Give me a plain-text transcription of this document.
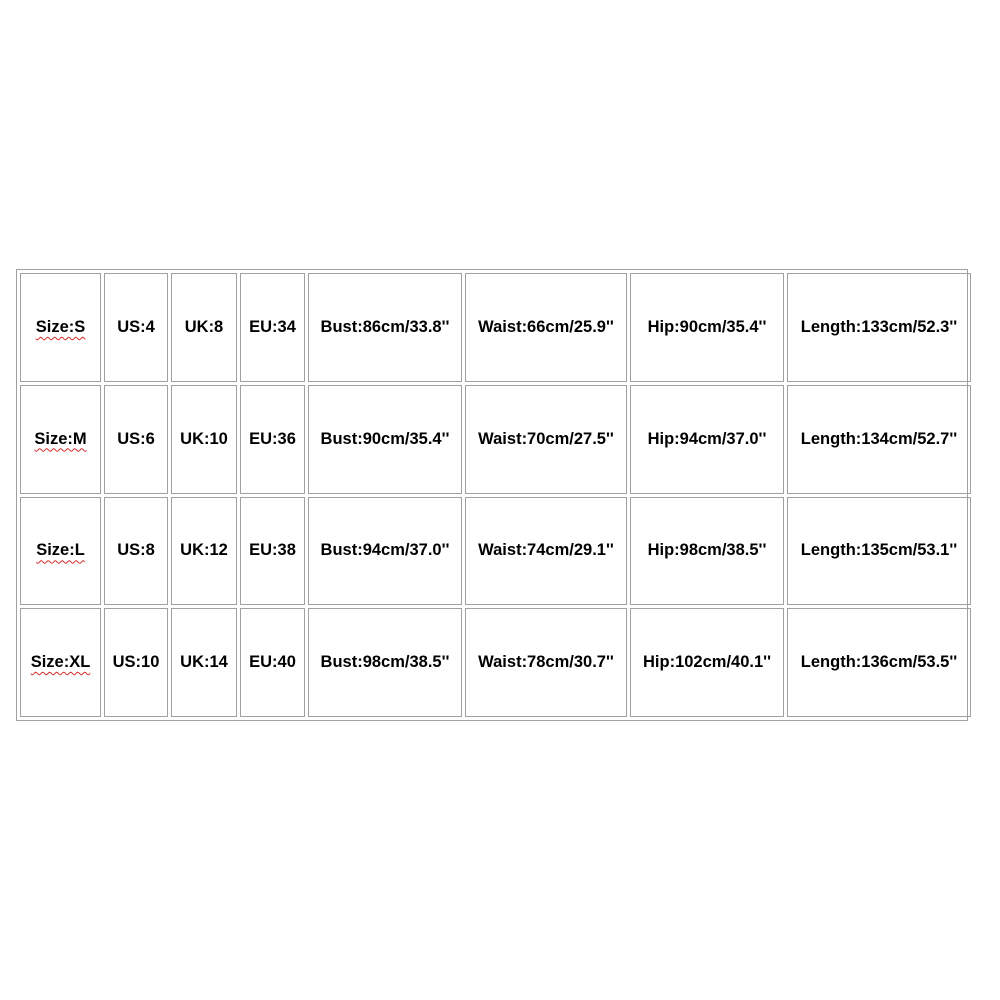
Size:S	US:4	UK:8	EU:34	Bust:86cm/33.8''	Waist:66cm/25.9''	Hip:90cm/35.4''	Length:133cm/52.3''
Size:M	US:6	UK:10	EU:36	Bust:90cm/35.4''	Waist:70cm/27.5''	Hip:94cm/37.0''	Length:134cm/52.7''
Size:L	US:8	UK:12	EU:38	Bust:94cm/37.0''	Waist:74cm/29.1''	Hip:98cm/38.5''	Length:135cm/53.1''
Size:XL	US:10	UK:14	EU:40	Bust:98cm/38.5''	Waist:78cm/30.7''	Hip:102cm/40.1''	Length:136cm/53.5''
